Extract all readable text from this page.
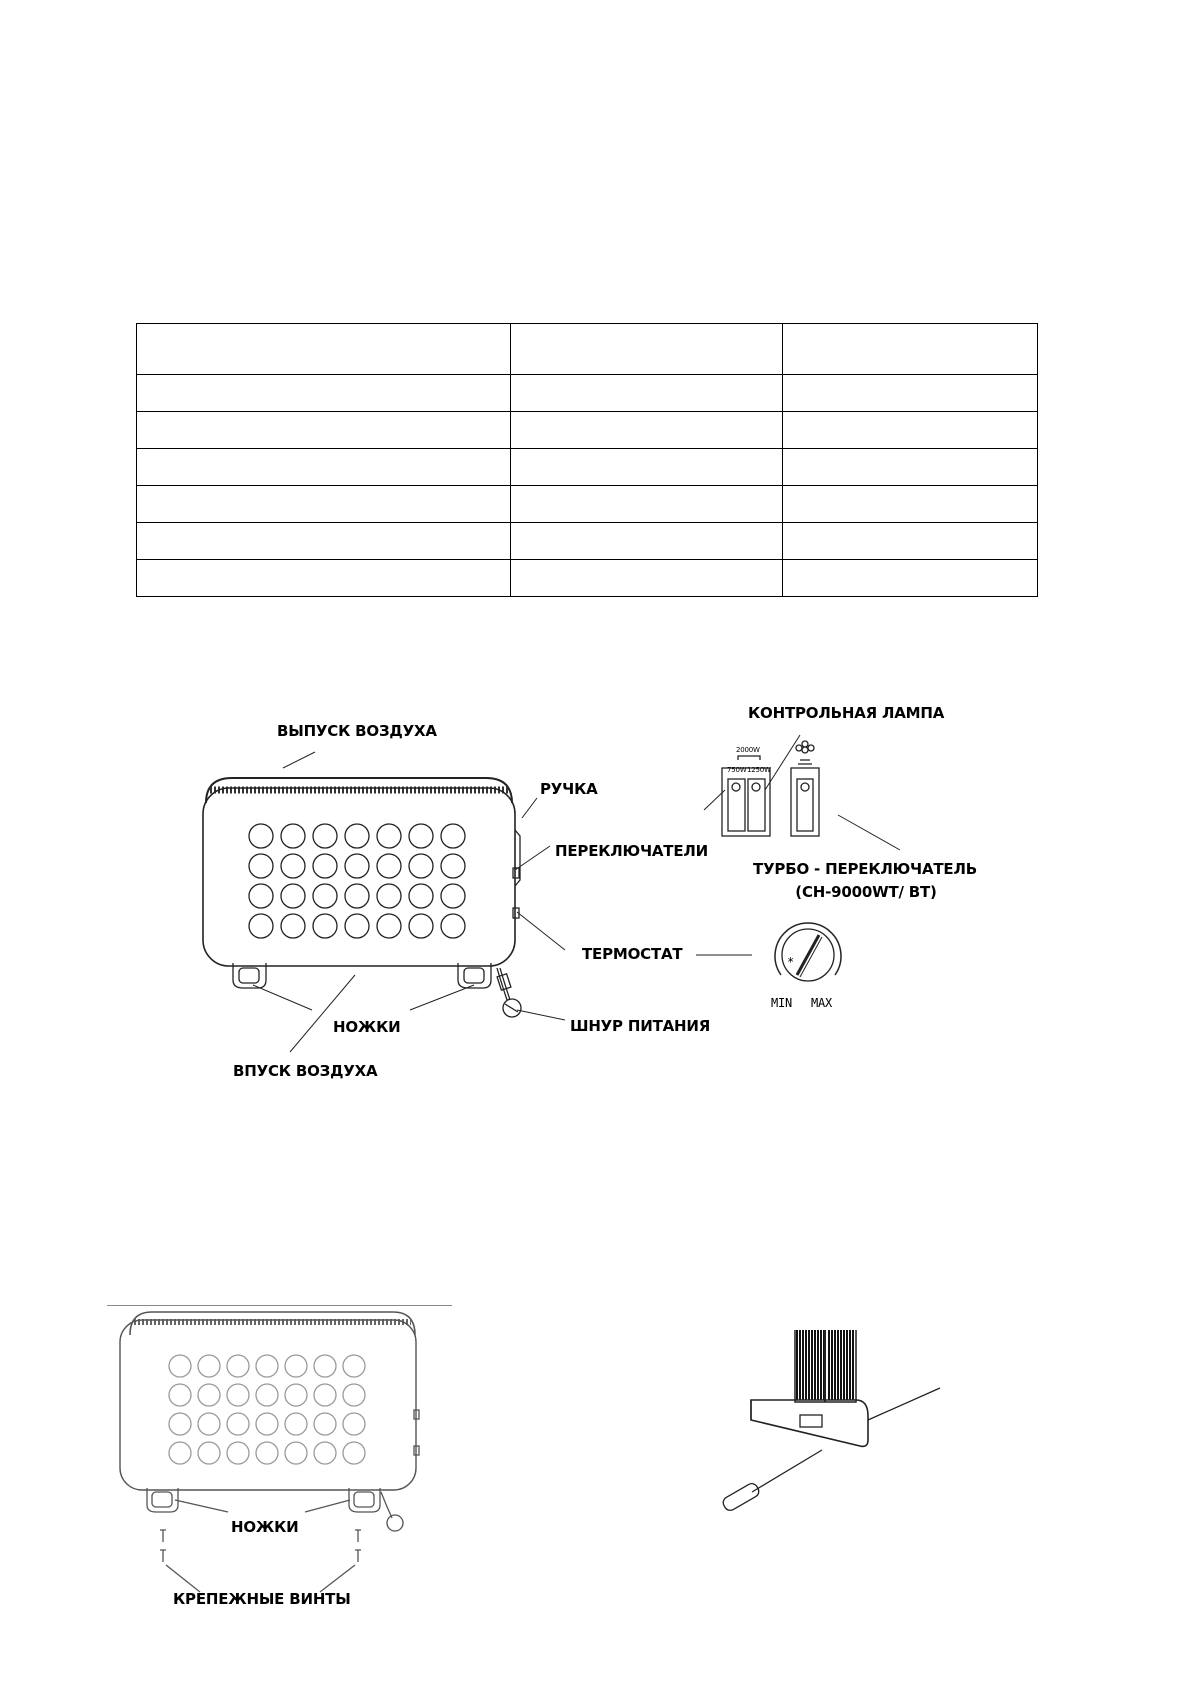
ВЫПУСК ВОЗДУХА
РУЧКА
ПЕРЕКЛЮЧАТЕЛИ
ТЕРМОСТАТ
НОЖКИ	ШНУР ПИТАНИЯ
ВПУСК ВОЗДУХА
КОНТРОЛЬНАЯ ЛАМПА
ТУРБО - ПЕРЕКЛЮЧАТЕЛЬ
(CH-9000WT/ BT)
2000W
750W 1250W
*
MIN MAX
НОЖКИ
КРЕПЕЖНЫЕ ВИНТЫ
